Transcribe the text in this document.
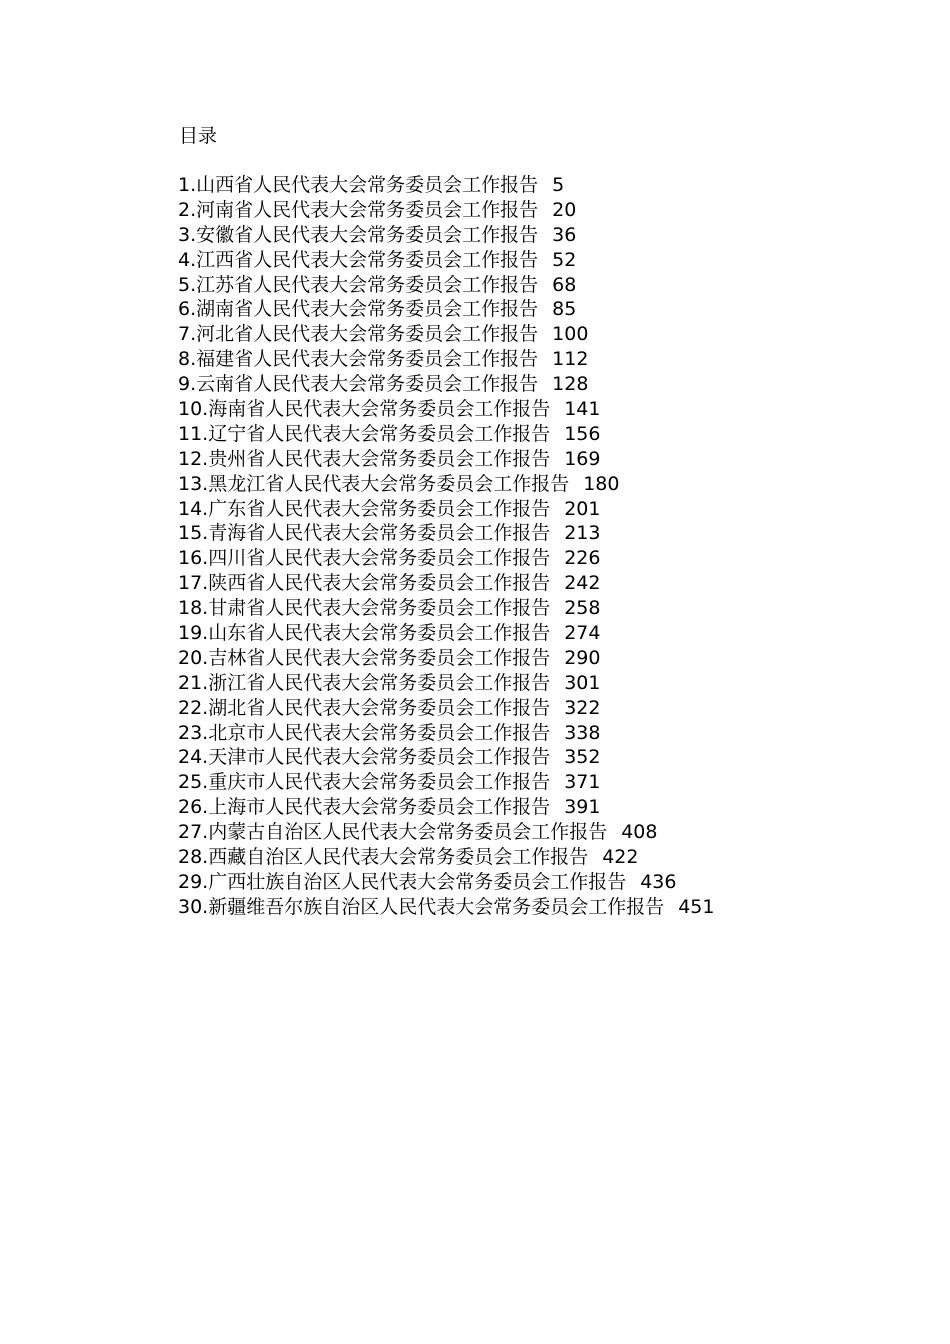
目录
1.山西省人民代表大会常务委员会工作报告 5
2.河南省人民代表大会常务委员会工作报告 20
3.安徽省人民代表大会常务委员会工作报告 36
4.江西省人民代表大会常务委员会工作报告 52
5.江苏省人民代表大会常务委员会工作报告 68
6.湖南省人民代表大会常务委员会工作报告 85
7.河北省人民代表大会常务委员会工作报告 100
8.福建省人民代表大会常务委员会工作报告 112
9.云南省人民代表大会常务委员会工作报告 128
10.海南省人民代表大会常务委员会工作报告 141
11.辽宁省人民代表大会常务委员会工作报告 156
12.贵州省人民代表大会常务委员会工作报告 169
13.黑龙江省人民代表大会常务委员会工作报告 180
14.广东省人民代表大会常务委员会工作报告 201
15.青海省人民代表大会常务委员会工作报告 213
16.四川省人民代表大会常务委员会工作报告 226
17.陕西省人民代表大会常务委员会工作报告 242
18.甘肃省人民代表大会常务委员会工作报告 258
19.山东省人民代表大会常务委员会工作报告 274
20.吉林省人民代表大会常务委员会工作报告 290
21.浙江省人民代表大会常务委员会工作报告 301
22.湖北省人民代表大会常务委员会工作报告 322
23.北京市人民代表大会常务委员会工作报告 338
24.天津市人民代表大会常务委员会工作报告 352
25.重庆市人民代表大会常务委员会工作报告 371
26.上海市人民代表大会常务委员会工作报告 391
27.内蒙古自治区人民代表大会常务委员会工作报告 408
28.西藏自治区人民代表大会常务委员会工作报告 422
29.广西壮族自治区人民代表大会常务委员会工作报告 436
30.新疆维吾尔族自治区人民代表大会常务委员会工作报告 451
